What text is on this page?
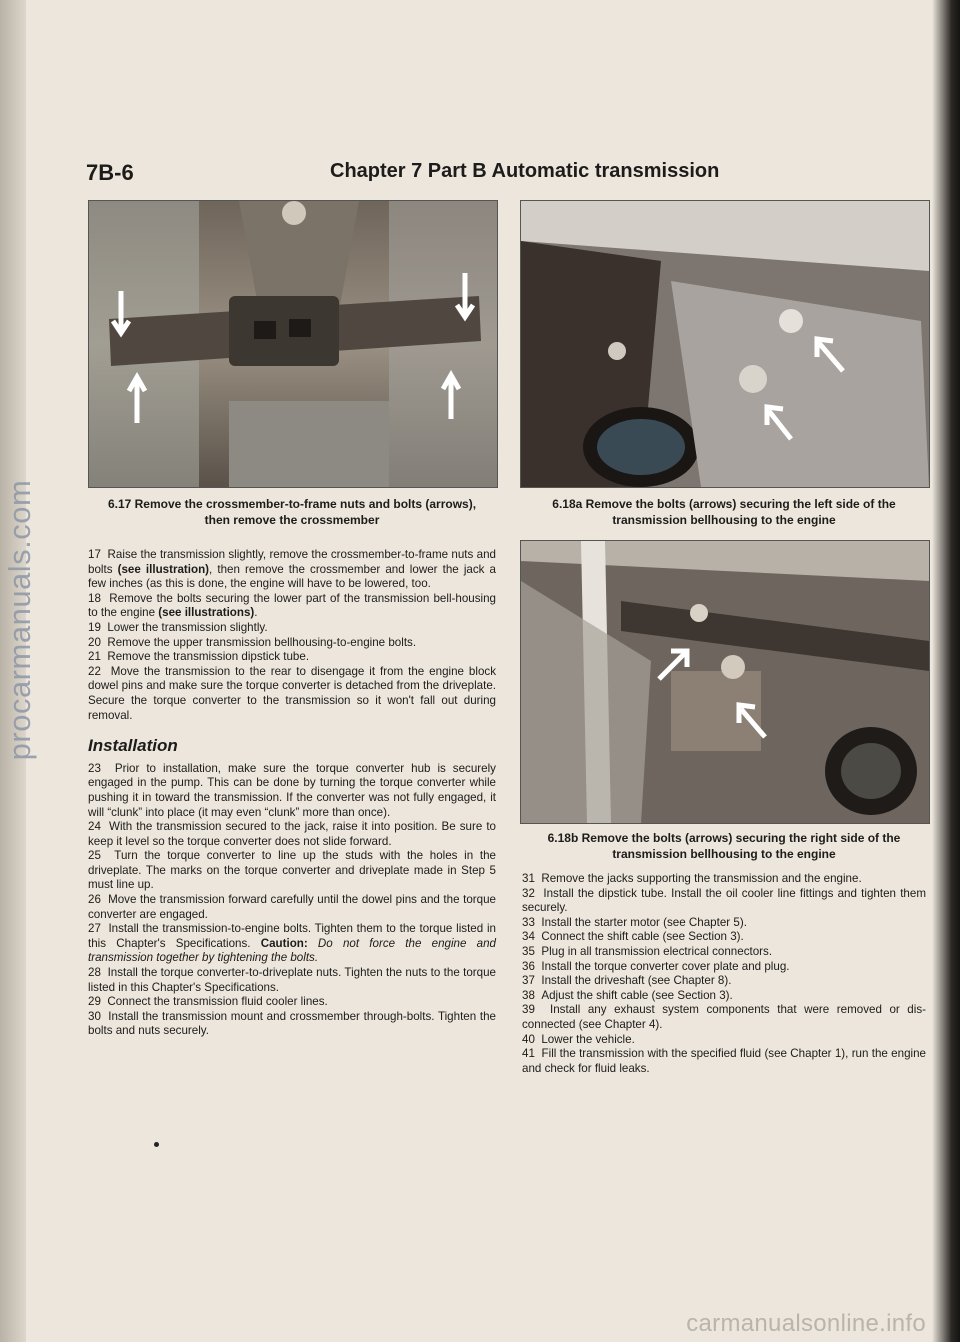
procarmanuals.com
7B-6	Chapter 7 Part B Automatic transmission
6.17 Remove the crossmember-to-frame nuts and bolts (arrows),
then remove the crossmember
6.18a Remove the bolts (arrows) securing the left side of the
transmission bellhousing to the engine
6.18b Remove the bolts (arrows) securing the right side of the
transmission bellhousing to the engine

17 Raise the transmission slightly, remove the crossmember-to-frame nuts and bolts (see illustration), then remove the crossmember and lower the jack a few inches (as this is done, the engine will have to be lowered, too.

18 Remove the bolts securing the lower part of the transmission bell-housing to the engine (see illustrations).

19 Lower the transmission slightly.

20 Remove the upper transmission bellhousing-to-engine bolts.

21 Remove the transmission dipstick tube.

22 Move the transmission to the rear to disengage it from the engine block dowel pins and make sure the torque converter is detached from the driveplate. Secure the torque converter to the transmission so it won't fall out during removal.

Installation

23 Prior to installation, make sure the torque converter hub is securely engaged in the pump. This can be done by turning the torque converter while pushing it in toward the transmission. If the converter was not fully engaged, it will “clunk” into place (it may even “clunk” more than once).

24 With the transmission secured to the jack, raise it into position. Be sure to keep it level so the torque converter does not slide forward.

25 Turn the torque converter to line up the studs with the holes in the driveplate. The marks on the torque converter and driveplate made in Step 5 must line up.

26 Move the transmission forward carefully until the dowel pins and the torque converter are engaged.

27 Install the transmission-to-engine bolts. Tighten them to the torque listed in this Chapter's Specifications. Caution: Do not force the engine and transmission together by tightening the bolts.

28 Install the torque converter-to-driveplate nuts. Tighten the nuts to the torque listed in this Chapter's Specifications.

29 Connect the transmission fluid cooler lines.

30 Install the transmission mount and crossmember through-bolts. Tighten the bolts and nuts securely.

31 Remove the jacks supporting the transmission and the engine.

32 Install the dipstick tube. Install the oil cooler line fittings and tighten them securely.

33 Install the starter motor (see Chapter 5).

34 Connect the shift cable (see Section 3).

35 Plug in all transmission electrical connectors.

36 Install the torque converter cover plate and plug.

37 Install the driveshaft (see Chapter 8).

38 Adjust the shift cable (see Section 3).

39 Install any exhaust system components that were removed or dis-connected (see Chapter 4).

40 Lower the vehicle.

41 Fill the transmission with the specified fluid (see Chapter 1), run the engine and check for fluid leaks.

carmanualsonline.info
